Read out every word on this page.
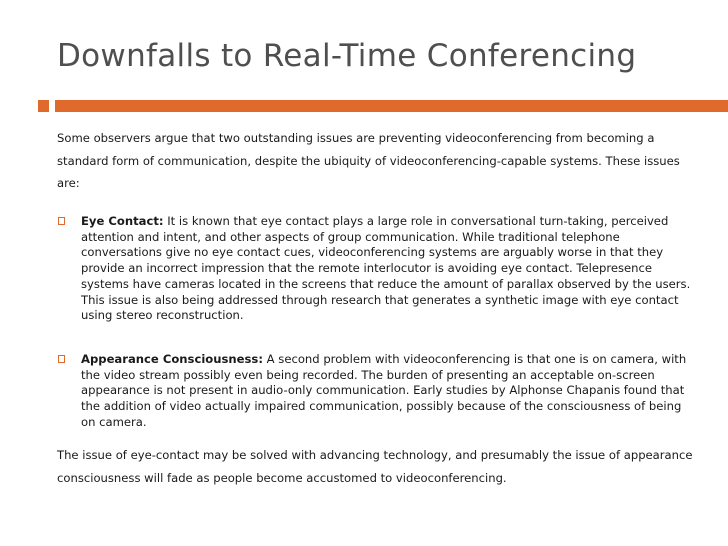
Downfalls to Real-Time Conferencing

Some observers argue that two outstanding issues are preventing videoconferencing from becoming a standard form of communication, despite the ubiquity of videoconferencing-capable systems. These issues are:

Eye Contact: It is known that eye contact plays a large role in conversational turn-taking, perceived attention and intent, and other aspects of group communication. While traditional telephone conversations give no eye contact cues, videoconferencing systems are arguably worse in that they provide an incorrect impression that the remote interlocutor is avoiding eye contact. Telepresence systems have cameras located in the screens that reduce the amount of parallax observed by the users. This issue is also being addressed through research that generates a synthetic image with eye contact using stereo reconstruction.
Appearance Consciousness: A second problem with videoconferencing is that one is on camera, with the video stream possibly even being recorded. The burden of presenting an acceptable on-screen appearance is not present in audio-only communication. Early studies by Alphonse Chapanis found that the addition of video actually impaired communication, possibly because of the consciousness of being on camera.

The issue of eye-contact may be solved with advancing technology, and presumably the issue of appearance consciousness will fade as people become accustomed to videoconferencing.
